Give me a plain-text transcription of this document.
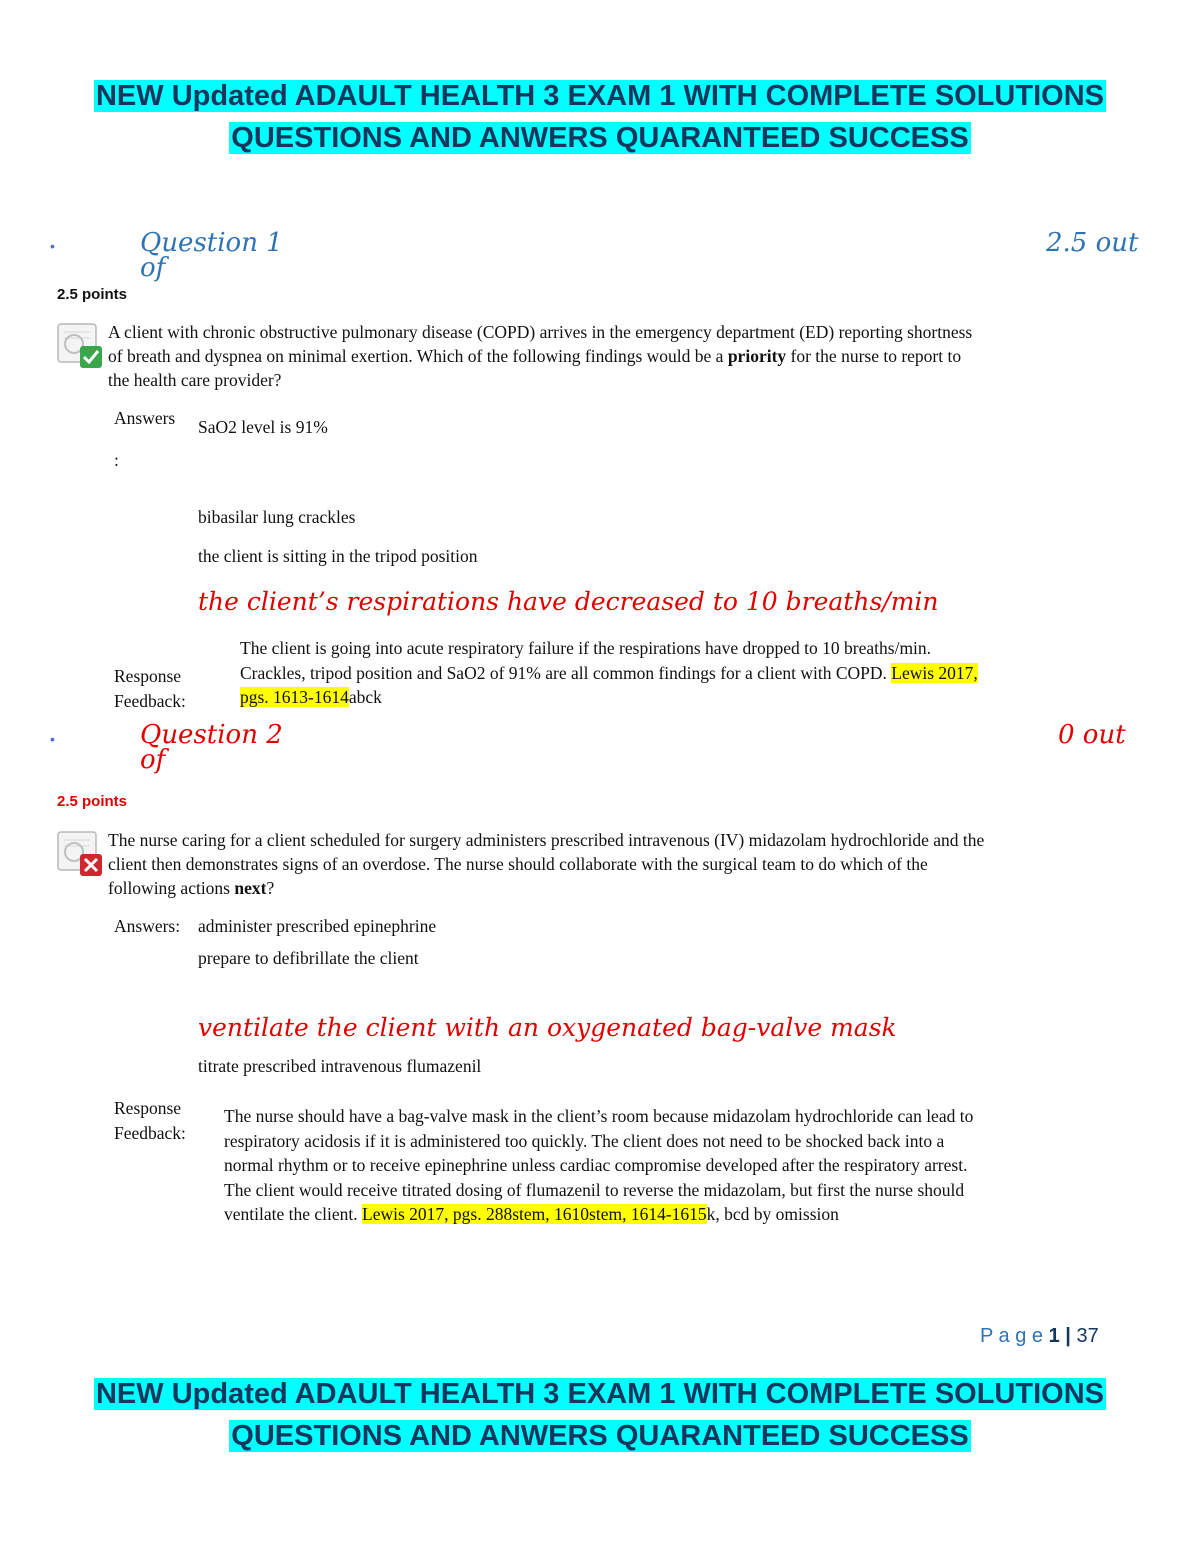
NEW Updated ADAULT HEALTH 3 EXAM 1 WITH COMPLETE SOLUTIONS
QUESTIONS AND ANWERS QUARANTEED SUCCESS
•	Question 1
of
2.5 out
2.5 points
A client with chronic obstructive pulmonary disease (COPD) arrives in the emergency department (ED) reporting shortness
of breath and dyspnea on minimal exertion. Which of the following findings would be a priority for the nurse to report to
the health care provider?
Answers
:
SaO2 level is 91%
bibasilar lung crackles
the client is sitting in the tripod position
the client’s respirations have decreased to 10 breaths/min
Response
Feedback:
The client is going into acute respiratory failure if the respirations have dropped to 10 breaths/min.
Crackles, tripod position and SaO2 of 91% are all common findings for a client with COPD. Lewis 2017,
pgs. 1613-1614abck
•	Question 2
of
0 out
2.5 points
The nurse caring for a client scheduled for surgery administers prescribed intravenous (IV) midazolam hydrochloride and the
client then demonstrates signs of an overdose. The nurse should collaborate with the surgical team to do which of the
following actions next?
Answers: administer prescribed epinephrine
prepare to defibrillate the client
ventilate the client with an oxygenated bag-valve mask
titrate prescribed intravenous flumazenil
Response
Feedback:
The nurse should have a bag-valve mask in the client’s room because midazolam hydrochloride can lead to
respiratory acidosis if it is administered too quickly. The client does not need to be shocked back into a
normal rhythm or to receive epinephrine unless cardiac compromise developed after the respiratory arrest.
The client would receive titrated dosing of flumazenil to reverse the midazolam, but first the nurse should
ventilate the client. Lewis 2017, pgs. 288stem, 1610stem, 1614-1615k, bcd by omission
P a g e 1 | 37
NEW Updated ADAULT HEALTH 3 EXAM 1 WITH COMPLETE SOLUTIONS
QUESTIONS AND ANWERS QUARANTEED SUCCESS
